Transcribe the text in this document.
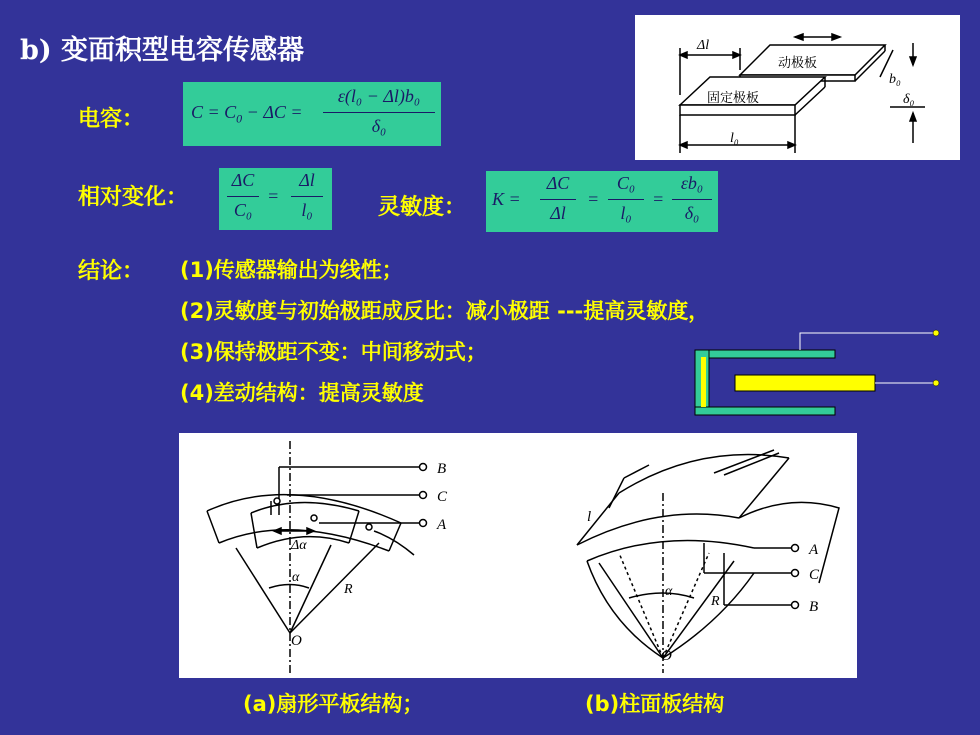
b) 变面积型电容传感器
电容：	$C = C_0 - \Delta C$ =
ε(l₀ − Δl)b₀
δ₀
相对变化：
ΔC
C₀
=
Δl
l₀	灵敏度： K =
ΔC
Δl
=
C₀
l₀
=
εb₀
δ₀
结论： (1)传感器输出为线性；
(2)灵敏度与初始极距成反比：减小极距 ---提高灵敏度，
(3)保持极距不变：中间移动式；
(4)差动结构：提高灵敏度
Δl
动极板
固定极板
b₀
δ₀
l₀
B
C
A
Δα
α
R
O
l
A
C
B
α
R
O
(a)扇形平板结构；	(b)柱面板结构
